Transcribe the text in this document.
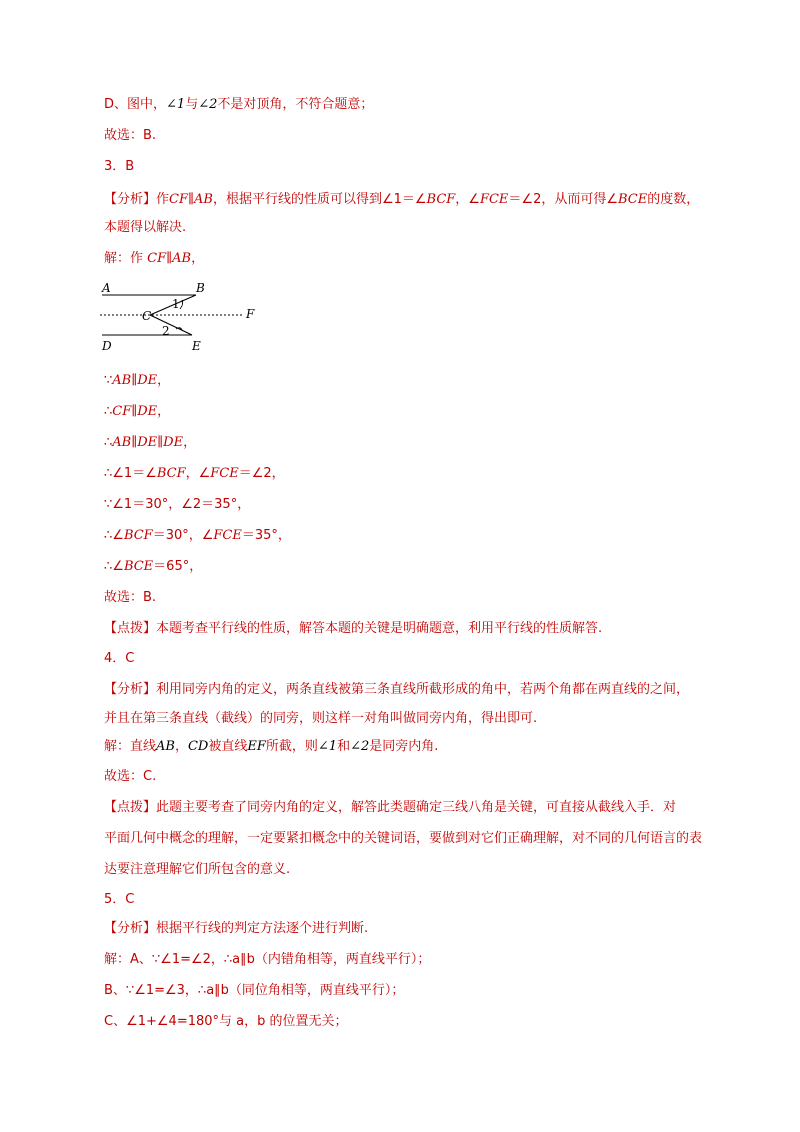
D、图中，∠1与∠2不是对顶角，不符合题意；
故选：B.
3．B
【分析】作CF∥AB，根据平行线的性质可以得到∠1＝∠BCF，∠FCE＝∠2，从而可得∠BCE的度数，
本题得以解决.
解：作 CF∥AB，
A	B
C	F
D	E
1
2
∵AB∥DE，
∴CF∥DE，
∴AB∥DE∥DE，
∴∠1＝∠BCF，∠FCE＝∠2，
∵∠1＝30°，∠2＝35°，
∴∠BCF＝30°，∠FCE＝35°，
∴∠BCE＝65°，
故选：B.
【点拨】本题考查平行线的性质，解答本题的关键是明确题意，利用平行线的性质解答.
4．C
【分析】利用同旁内角的定义，两条直线被第三条直线所截形成的角中，若两个角都在两直线的之间，
并且在第三条直线（截线）的同旁，则这样一对角叫做同旁内角，得出即可.
解：直线AB，CD被直线EF所截，则∠1和∠2是同旁内角.
故选：C.
【点拨】此题主要考查了同旁内角的定义，解答此类题确定三线八角是关键，可直接从截线入手．对
平面几何中概念的理解，一定要紧扣概念中的关键词语，要做到对它们正确理解，对不同的几何语言的表
达要注意理解它们所包含的意义.
5．C
【分析】根据平行线的判定方法逐个进行判断.
解：A、∵∠1=∠2，∴a∥b（内错角相等，两直线平行）；
B、∵∠1=∠3，∴a∥b（同位角相等，两直线平行）；
C、∠1+∠4=180°与 a，b 的位置无关；
